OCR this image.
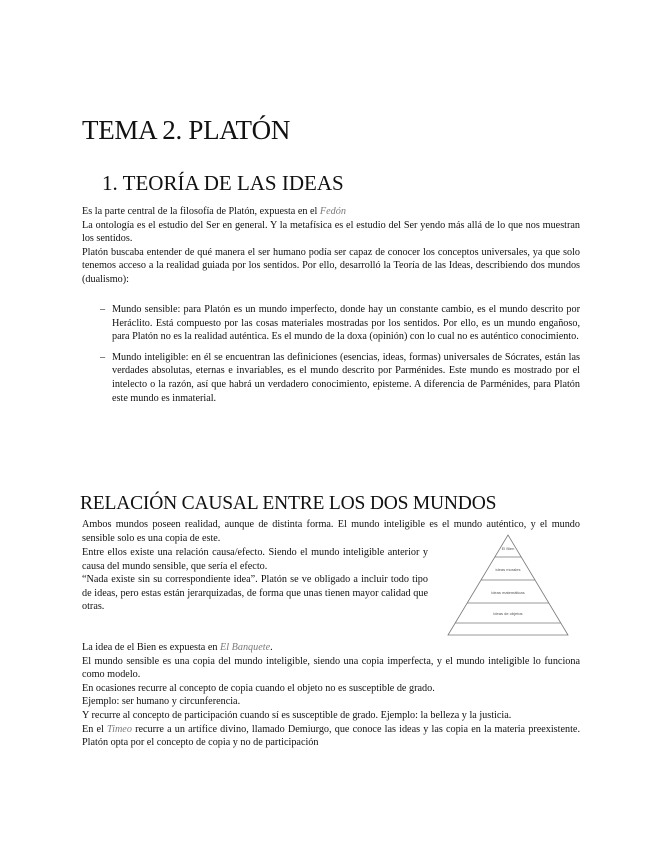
TEMA 2. PLATÓN
1. TEORÍA DE LAS IDEAS

Es la parte central de la filosofía de Platón, expuesta en el Fedón

La ontología es el estudio del Ser en general. Y la metafísica es el estudio del Ser yendo más allá de lo que nos muestran los sentidos.

Platón buscaba entender de qué manera el ser humano podía ser capaz de conocer los conceptos universales, ya que solo tenemos acceso a la realidad guiada por los sentidos. Por ello, desarrolló la Teoría de las Ideas, describiendo dos mundos (dualismo):

– Mundo sensible: para Platón es un mundo imperfecto, donde hay un constante cambio, es el mundo descrito por Heráclito. Está compuesto por las cosas materiales mostradas por los sentidos. Por ello, es un mundo engañoso, para Platón no es la realidad auténtica. Es el mundo de la doxa (opinión) con lo cual no es auténtico conocimiento.
– Mundo inteligible: en él se encuentran las definiciones (esencias, ideas, formas) universales de Sócrates, están las verdades absolutas, eternas e invariables, es el mundo descrito por Parménides. Este mundo es mostrado por el intelecto o la razón, así que habrá un verdadero conocimiento, episteme. A diferencia de Parménides, para Platón este mundo es inmaterial.
RELACIÓN CAUSAL ENTRE LOS DOS MUNDOS

Ambos mundos poseen realidad, aunque de distinta forma. El mundo inteligible es el mundo auténtico, y el mundo sensible solo es una copia de este.

Entre ellos existe una relación causa/efecto. Siendo el mundo inteligible anterior y causa del mundo sensible, que sería el efecto.

“Nada existe sin su correspondiente idea”. Platón se ve obligado a incluir todo tipo de ideas, pero estas están jerarquizadas, de forma que unas tienen mayor calidad que otras.

El Bien
ideas morales
ideas matemáticas
ideas de objetos

La idea de el Bien es expuesta en El Banquete.

El mundo sensible es una copia del mundo inteligible, siendo una copia imperfecta, y el mundo inteligible lo funciona como modelo.

En ocasiones recurre al concepto de copia cuando el objeto no es susceptible de grado.

Ejemplo: ser humano y circunferencia.

Y recurre al concepto de participación cuando sí es susceptible de grado. Ejemplo: la belleza y la justicia.

En el Timeo recurre a un artífice divino, llamado Demiurgo, que conoce las ideas y las copia en la materia preexistente. Platón opta por el concepto de copia y no de participación
